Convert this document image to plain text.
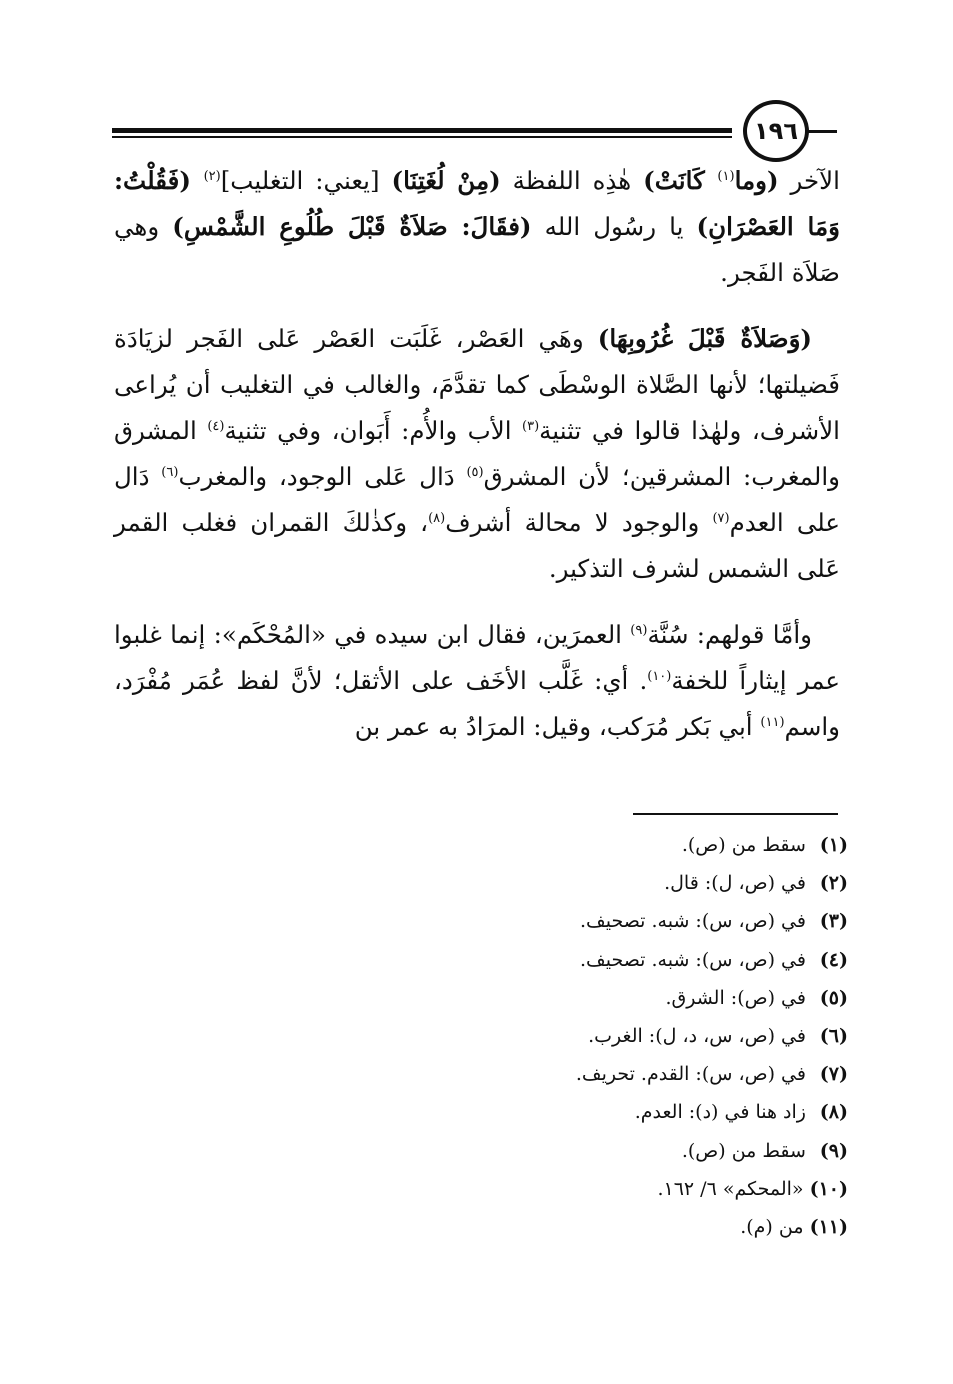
١٩٦

الآخر (وما$^{(١)}$ كَانَتْ) هٰذِه اللفظة (مِنْ لُغَتِنَا) [يعني: التغليب]$^{(٢)}$ (فَقُلْتُ: وَمَا العَصْرَانِ) يا رسُول الله (فقَالَ: صَلاَةٌ قَبْلَ طُلُوعِ الشَّمْسِ) وهي صَلاَة الفَجر.

(وَصَلاَةٌ قَبْلَ غُرُوبِهَا) وهَي العَصْر، غَلَبَت العَصْر عَلى الفَجر لزيَادَة فَضيلتها؛ لأنها الصَّلاة الوسْطَى كما تقدَّمَ، والغالب في التغليب أن يُراعى الأشرف، ولهٰذا قالوا في تثنية$^{(٣)}$ الأب والأُم: أَبَوان، وفي تثنية$^{(٤)}$ المشرق والمغرب: المشرقين؛ لأن المشرق$^{(٥)}$ دَال عَلى الوجود، والمغرب$^{(٦)}$ دَال على العدم$^{(٧)}$ والوجود لا محالة أشرف$^{(٨)}$، وكذٰلكَ القمران فغلب القمر عَلى الشمس لشرف التذكير.

وأمَّا قولهم: سُنَّة$^{(٩)}$ العمرَين، فقال ابن سيده في «المُحْكَم»: إنما غلبوا عمر إيثاراً للخفة$^{(١٠)}$. أي: غَلَّب الأخَف على الأثقل؛ لأنَّ لفظ عُمَر مُفْرَد، واسم$^{(١١)}$ أبي بَكر مُرَكب، وقيل: المرَادُ به عمر بن

(١) سقط من (ص).
(٢) في (ص، ل): قال.
(٣) في (ص، س): شبه. تصحيف.
(٤) في (ص، س): شبه. تصحيف.
(٥) في (ص): الشرق.
(٦) في (ص، س، د، ل): الغرب.
(٧) في (ص، س): القدم. تحريف.
(٨) زاد هنا في (د): العدم.
(٩) سقط من (ص).
(١٠) «المحكم» ٦/ ١٦٢.
(١١) من (م).
